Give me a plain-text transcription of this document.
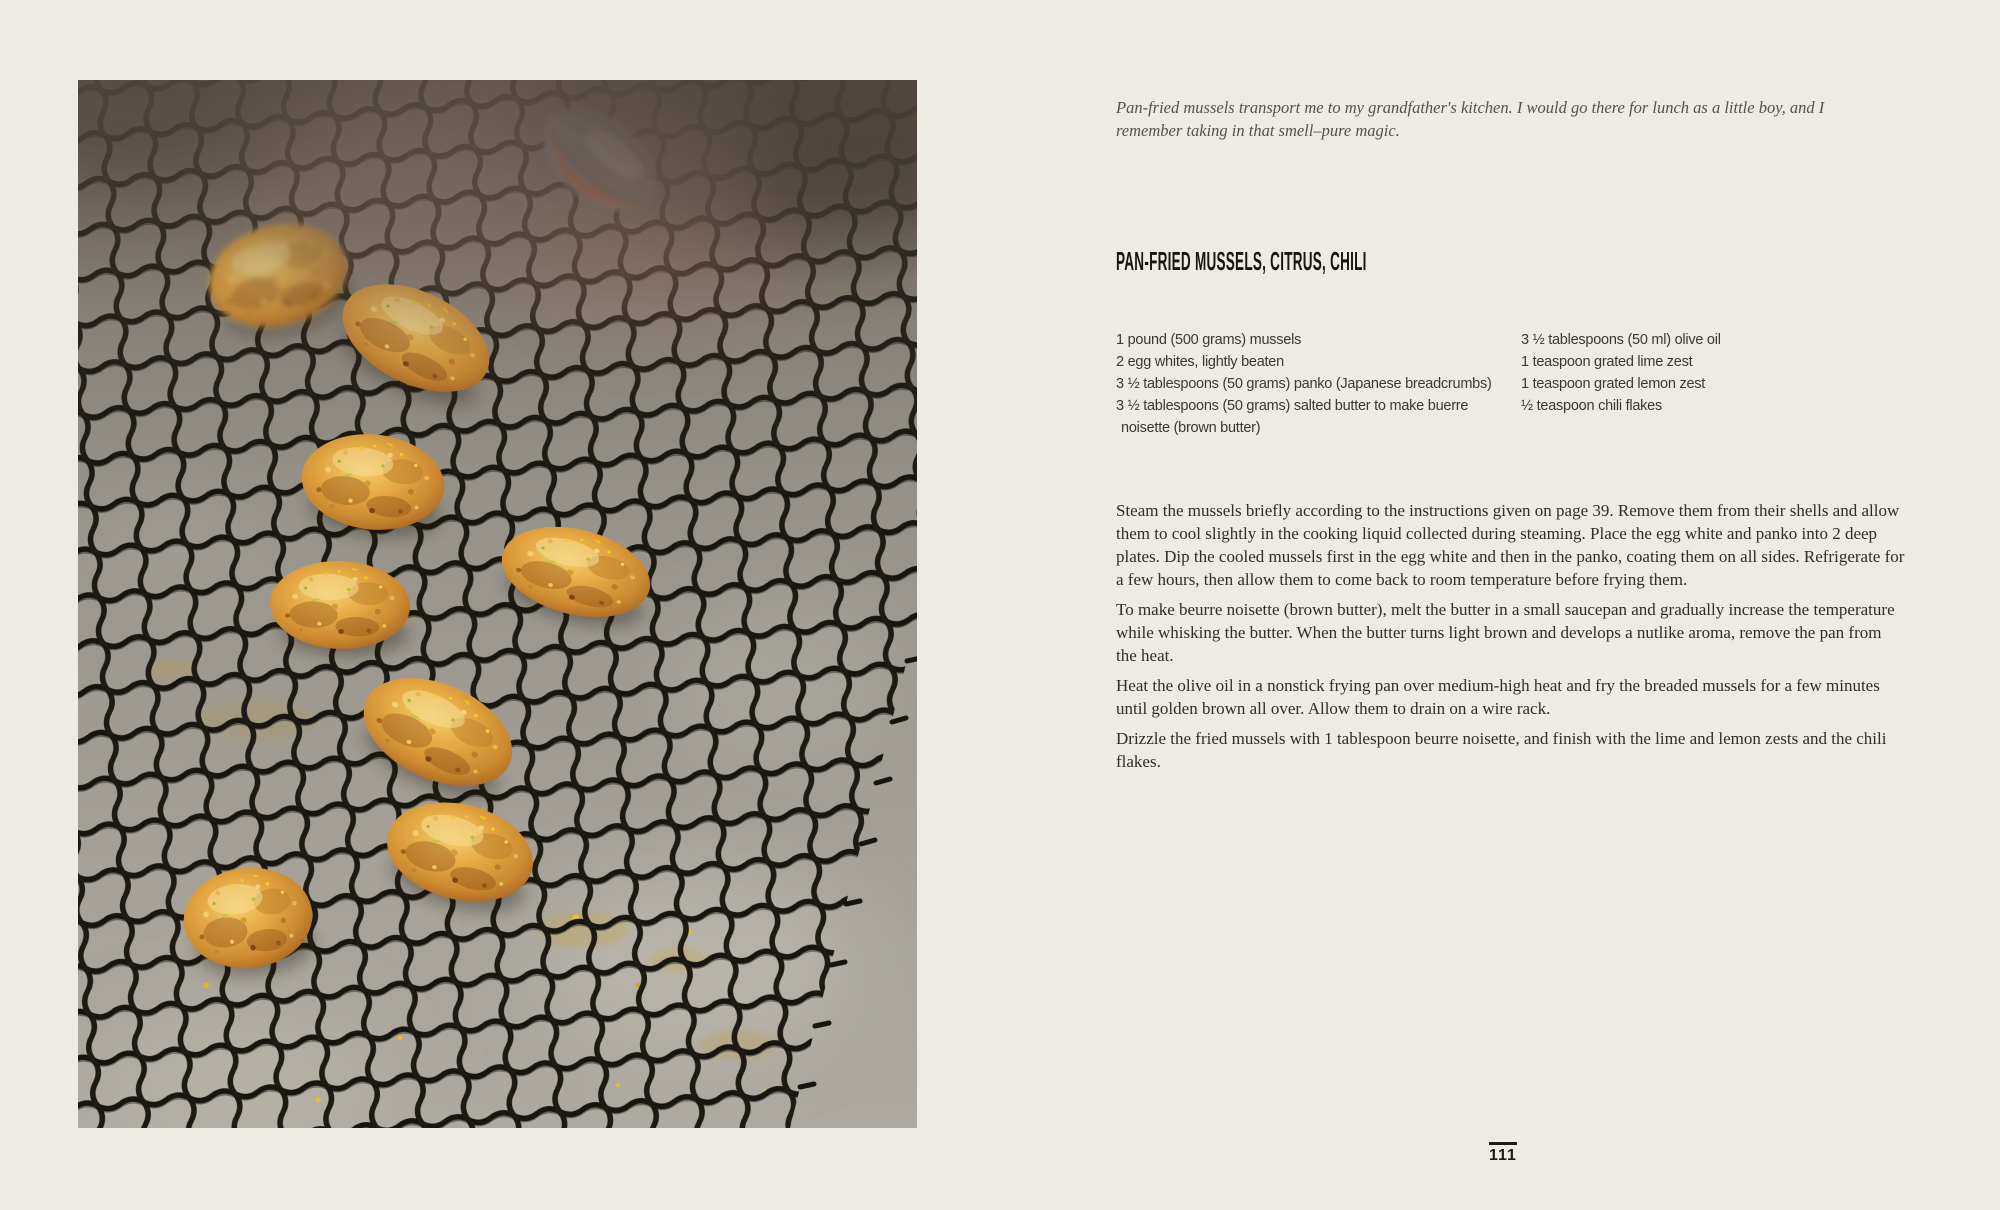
Pan-fried mussels transport me to my grandfather's kitchen. I would go there for lunch as a little boy, and I remember taking in that smell–pure magic.

PAN-FRIED MUSSELS, CITRUS, CHILI
1 pound (500 grams) mussels
2 egg whites, lightly beaten
3 ½ tablespoons (50 grams) panko (Japanese breadcrumbs)
3 ½ tablespoons (50 grams) salted butter to make buerre noisette (brown butter)
3 ½ tablespoons (50 ml) olive oil
1 teaspoon grated lime zest
1 teaspoon grated lemon zest
½ teaspoon chili flakes

Steam the mussels briefly according to the instructions given on page 39. Remove them from their shells and allow them to cool slightly in the cooking liquid collected during steaming. Place the egg white and panko into 2 deep plates. Dip the cooled mussels first in the egg white and then in the panko, coating them on all sides. Refrigerate for a few hours, then allow them to come back to room temperature before frying them.

To make beurre noisette (brown butter), melt the butter in a small saucepan and gradually increase the temperature while whisking the butter. When the butter turns light brown and develops a nutlike aroma, remove the pan from the heat.

Heat the olive oil in a nonstick frying pan over medium-high heat and fry the breaded mussels for a few minutes until golden brown all over. Allow them to drain on a wire rack.

Drizzle the fried mussels with 1 tablespoon beurre noisette, and finish with the lime and lemon zests and the chili flakes.

111
